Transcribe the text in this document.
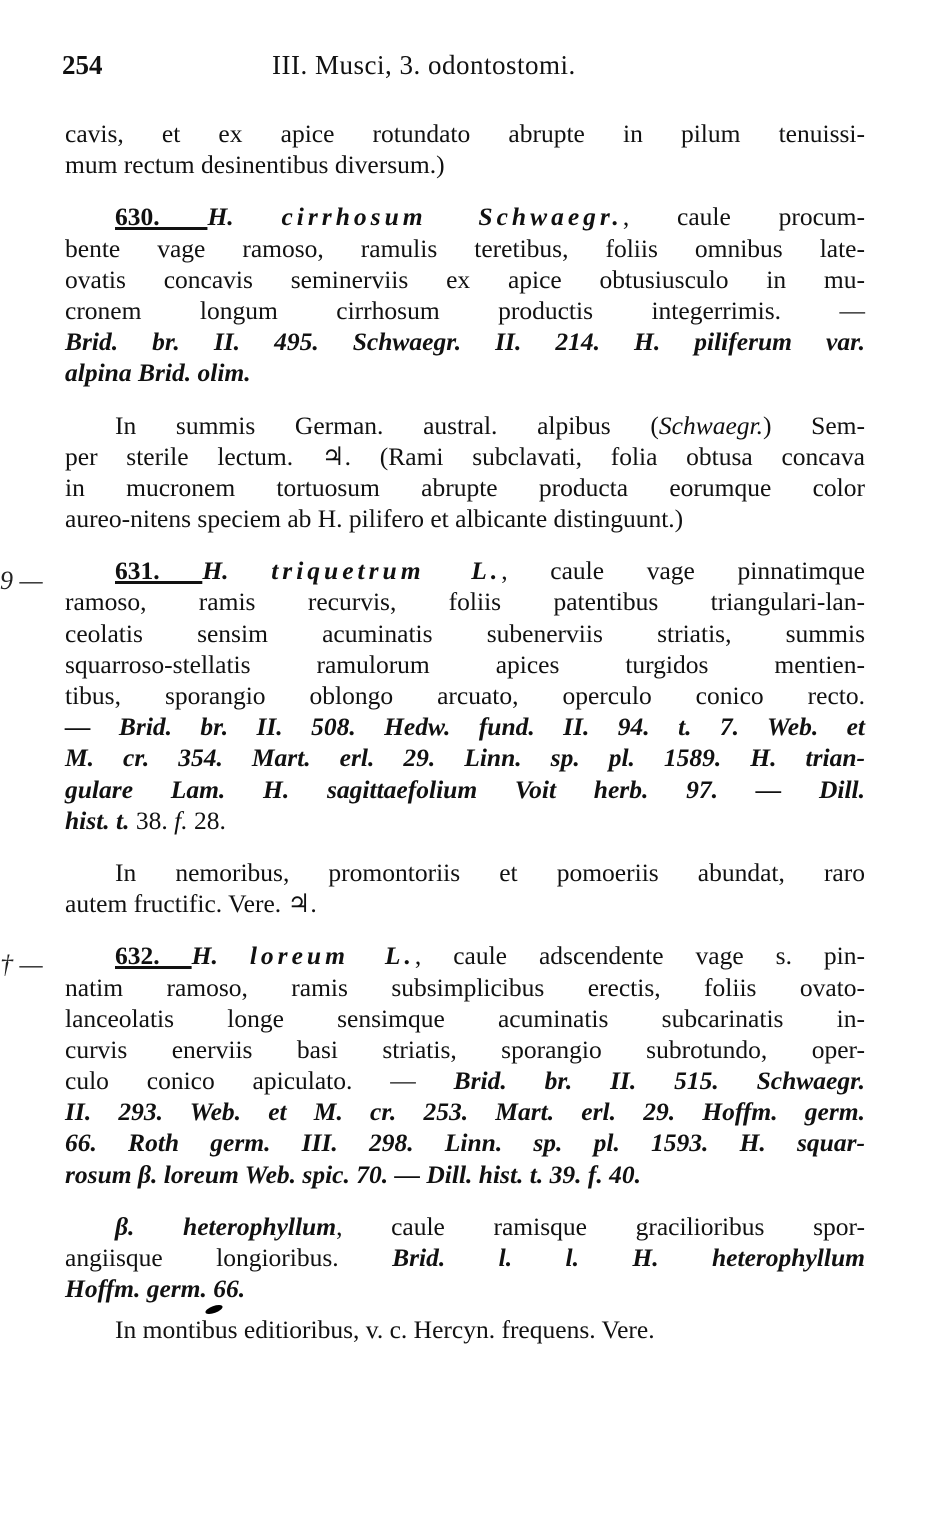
254	III. Musci, 3. odontostomi.
9 —
† —
cavis, et ex apice rotundato abrupte in pilum tenuissi-
mum rectum desinentibus diversum.)
630. H. cirrhosum Schwaegr., caule procum-
bente vage ramoso, ramulis teretibus, foliis omnibus late-
ovatis concavis seminerviis ex apice obtusiusculo in mu-
cronem longum cirrhosum productis integerrimis. —
Brid. br. II. 495. Schwaegr. II. 214. H. piliferum var.
alpina Brid. olim.
In summis German. austral. alpibus (Schwaegr.) Sem-
per sterile lectum. ♃. (Rami subclavati, folia obtusa concava
in mucronem tortuosum abrupte producta eorumque color
aureo-nitens speciem ab H. pilifero et albicante distinguunt.)
631. H. triquetrum L., caule vage pinnatimque
ramoso, ramis recurvis, foliis patentibus triangulari-lan-
ceolatis sensim acuminatis subenerviis striatis, summis
squarroso-stellatis ramulorum apices turgidos mentien-
tibus, sporangio oblongo arcuato, operculo conico recto.
— Brid. br. II. 508. Hedw. fund. II. 94. t. 7. Web. et
M. cr. 354. Mart. erl. 29. Linn. sp. pl. 1589. H. trian-
gulare Lam. H. sagittaefolium Voit herb. 97. — Dill.
hist. t. 38. f. 28.
In nemoribus, promontoriis et pomoeriis abundat, raro
autem fructific. Vere. ♃.
632. H. loreum L., caule adscendente vage s. pin-
natim ramoso, ramis subsimplicibus erectis, foliis ovato-
lanceolatis longe sensimque acuminatis subcarinatis in-
curvis enerviis basi striatis, sporangio subrotundo, oper-
culo conico apiculato. — Brid. br. II. 515. Schwaegr.
II. 293. Web. et M. cr. 253. Mart. erl. 29. Hoffm. germ.
66. Roth germ. III. 298. Linn. sp. pl. 1593. H. squar-
rosum β. loreum Web. spic. 70. — Dill. hist. t. 39. f. 40.
β. heterophyllum, caule ramisque gracilioribus spor-
angiisque longioribus. Brid. l. l. H. heterophyllum
Hoffm. germ. 66.
In montibus editioribus, v. c. Hercyn. frequens. Vere.
